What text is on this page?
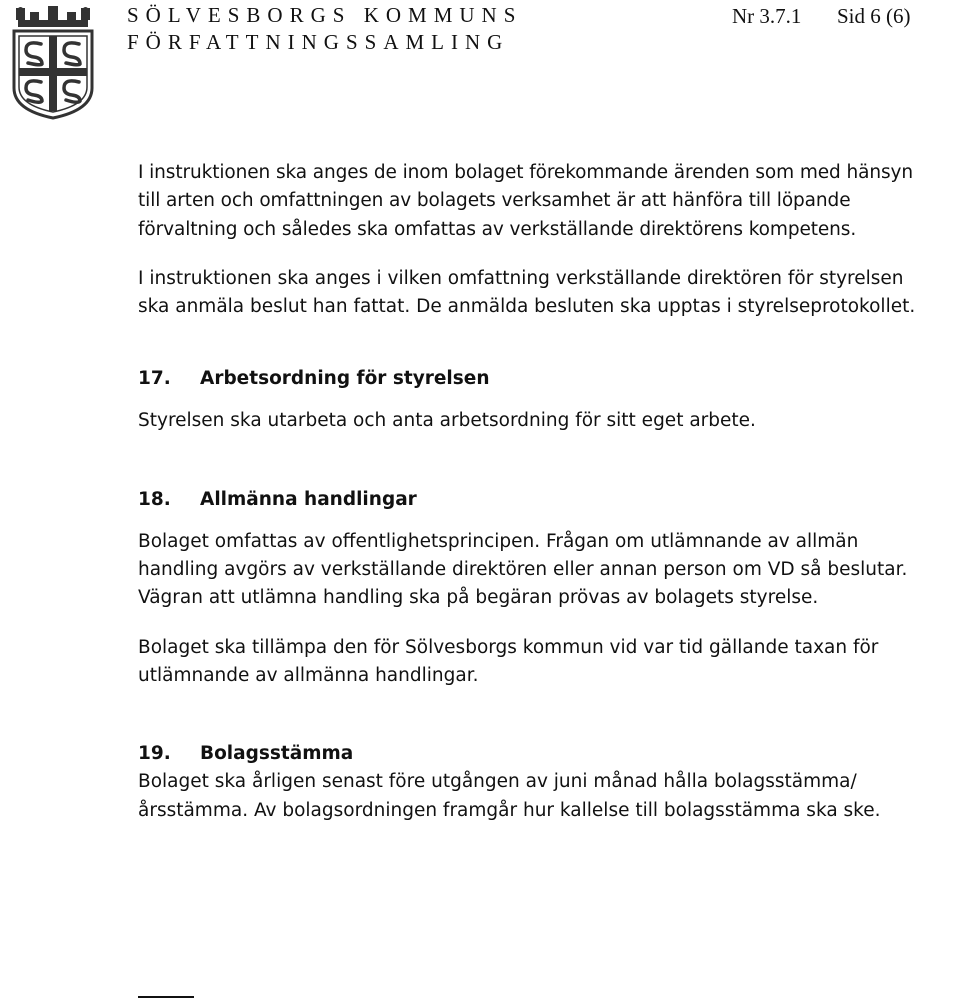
SÖLVESBORGS KOMMUNS
FÖRFATTNINGSSAMLING
Nr 3.7.1 Sid 6 (6)

I instruktionen ska anges de inom bolaget förekommande ärenden som med hänsyn till arten och omfattningen av bolagets verksamhet är att hänföra till löpande förvaltning och således ska omfattas av verkställande direktörens kompetens.

I instruktionen ska anges i vilken omfattning verkställande direktören för styrelsen ska anmäla beslut han fattat. De anmälda besluten ska upptas i styrelseprotokollet.

17. Arbetsordning för styrelsen

Styrelsen ska utarbeta och anta arbetsordning för sitt eget arbete.

18. Allmänna handlingar

Bolaget omfattas av offentlighetsprincipen. Frågan om utlämnande av allmän handling avgörs av verkställande direktören eller annan person om VD så beslutar. Vägran att utlämna handling ska på begäran prövas av bolagets styrelse.

Bolaget ska tillämpa den för Sölvesborgs kommun vid var tid gällande taxan för utlämnande av allmänna handlingar.

19. Bolagsstämma

Bolaget ska årligen senast före utgången av juni månad hålla bolagsstämma/årsstämma. Av bolagsordningen framgår hur kallelse till bolagsstämma ska ske.
